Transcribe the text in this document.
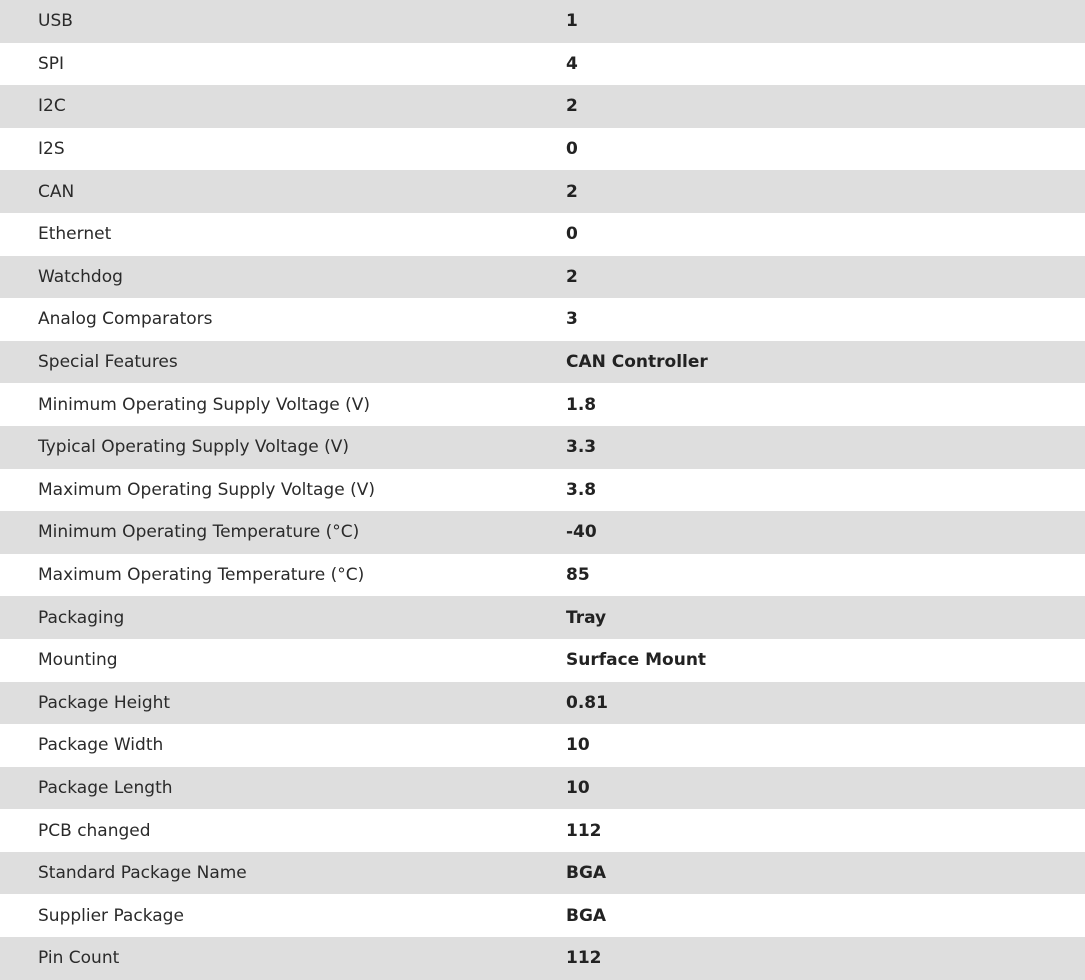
USB	1
SPI	4
I2C	2
I2S	0
CAN	2
Ethernet	0
Watchdog	2
Analog Comparators	3
Special Features	CAN Controller
Minimum Operating Supply Voltage (V)	1.8
Typical Operating Supply Voltage (V)	3.3
Maximum Operating Supply Voltage (V)	3.8
Minimum Operating Temperature (°C)	-40
Maximum Operating Temperature (°C)	85
Packaging	Tray
Mounting	Surface Mount
Package Height	0.81
Package Width	10
Package Length	10
PCB changed	112
Standard Package Name	BGA
Supplier Package	BGA
Pin Count	112
